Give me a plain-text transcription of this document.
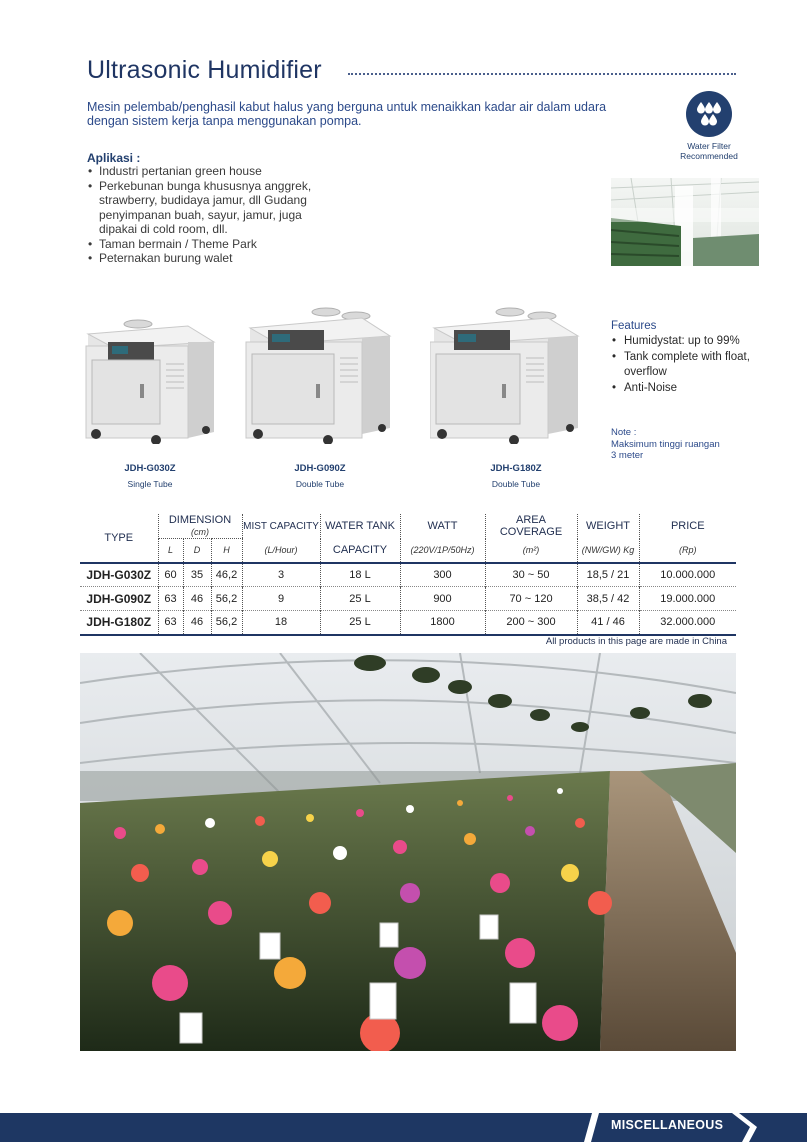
Ultrasonic Humidifier
Mesin pelembab/penghasil kabut halus yang berguna untuk menaikkan kadar air dalam udara dengan sistem kerja tanpa menggunakan pompa.
Water Filter
Recommended
Aplikasi :
• Industri pertanian green house
• Perkebunan bunga khususnya anggrek, strawberry, budidaya jamur, dll Gudang penyimpanan buah, sayur, jamur, juga dipakai di cold room, dll.
• Taman bermain / Theme Park
• Peternakan burung walet
JDH-G030Z
Single Tube
JDH-G090Z
Double Tube
JDH-G180Z
Double Tube
Features
• Humidystat: up to 99%
• Tank complete with float, overflow
• Anti-Noise
Note :
Maksimum tinggi ruangan
3 meter
TYPE	DIMENSION (cm)			MIST CAPACITY	WATER TANK	WATT	AREA COVERAGE	WEIGHT	PRICE
	L	D	H	(L/Hour)	CAPACITY	(220V/1P/50Hz)	(m²)	(NW/GW) Kg	(Rp)
JDH-G030Z	60	35	46,2	3	18 L	300	30 ~ 50	18,5 / 21	10.000.000
JDH-G090Z	63	46	56,2	9	25 L	900	70 ~ 120	38,5 / 42	19.000.000
JDH-G180Z	63	46	56,2	18	25 L	1800	200 ~ 300	41 / 46	32.000.000
All products in this page are made in China
MISCELLANEOUS
